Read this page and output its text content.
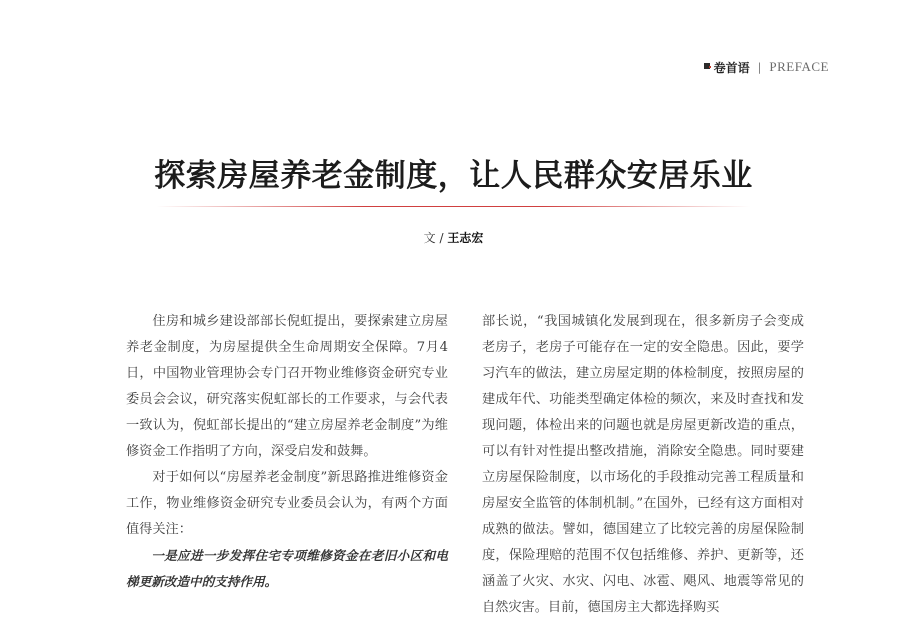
卷首语 | PREFACE
探索房屋养老金制度，让人民群众安居乐业
文 / 王志宏

住房和城乡建设部部长倪虹提出，要探索建立房屋养老金制度，为房屋提供全生命周期安全保障。7月4日，中国物业管理协会专门召开物业维修资金研究专业委员会会议，研究落实倪虹部长的工作要求，与会代表一致认为，倪虹部长提出的“建立房屋养老金制度”为维修资金工作指明了方向，深受启发和鼓舞。

对于如何以“房屋养老金制度”新思路推进维修资金工作，物业维修资金研究专业委员会认为，有两个方面值得关注：

一是应进一步发挥住宅专项维修资金在老旧小区和电梯更新改造中的支持作用。

部长说，“我国城镇化发展到现在，很多新房子会变成老房子，老房子可能存在一定的安全隐患。因此，要学习汽车的做法，建立房屋定期的体检制度，按照房屋的建成年代、功能类型确定体检的频次，来及时查找和发现问题，体检出来的问题也就是房屋更新改造的重点，可以有针对性提出整改措施，消除安全隐患。同时要建立房屋保险制度，以市场化的手段推动完善工程质量和房屋安全监管的体制机制。”在国外，已经有这方面相对成熟的做法。譬如，德国建立了比较完善的房屋保险制度，保险理赔的范围不仅包括维修、养护、更新等，还涵盖了火灾、水灾、闪电、冰雹、飓风、地震等常见的自然灾害。目前，德国房主大都选择购买
